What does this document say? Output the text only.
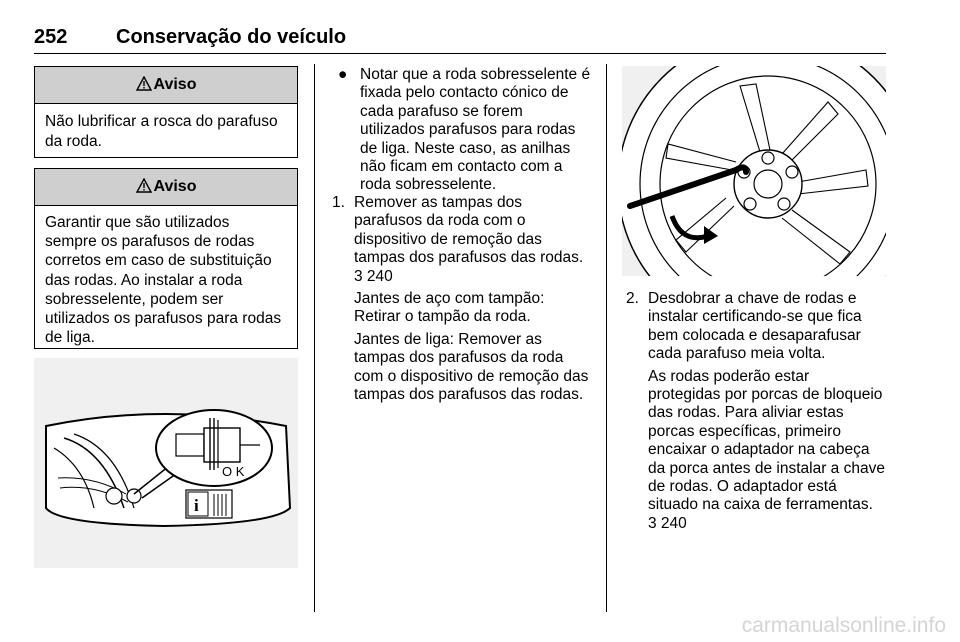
252 Conservação do veículo
Aviso
Não lubrificar a rosca do parafuso
da roda.
Aviso
Garantir que são utilizados
sempre os parafusos de rodas
corretos em caso de substituição
das rodas. Ao instalar a roda
sobresselente, podem ser
utilizados os parafusos para rodas
de liga.
O K
i
● Notar que a roda sobresselente é
fixada pelo contacto cónico de
cada parafuso se forem
utilizados parafusos para rodas
de liga. Neste caso, as anilhas
não ficam em contacto com a
roda sobresselente.
1. Remover as tampas dos
parafusos da roda com o
dispositivo de remoção das
tampas dos parafusos das rodas.
3 240
Jantes de aço com tampão:
Retirar o tampão da roda.
Jantes de liga: Remover as
tampas dos parafusos da roda
com o dispositivo de remoção das
tampas dos parafusos das rodas.
2. Desdobrar a chave de rodas e
instalar certificando-se que fica
bem colocada e desaparafusar
cada parafuso meia volta.
As rodas poderão estar
protegidas por porcas de bloqueio
das rodas. Para aliviar estas
porcas específicas, primeiro
encaixar o adaptador na cabeça
da porca antes de instalar a chave
de rodas. O adaptador está
situado na caixa de ferramentas.
3 240
carmanualsonline.info
